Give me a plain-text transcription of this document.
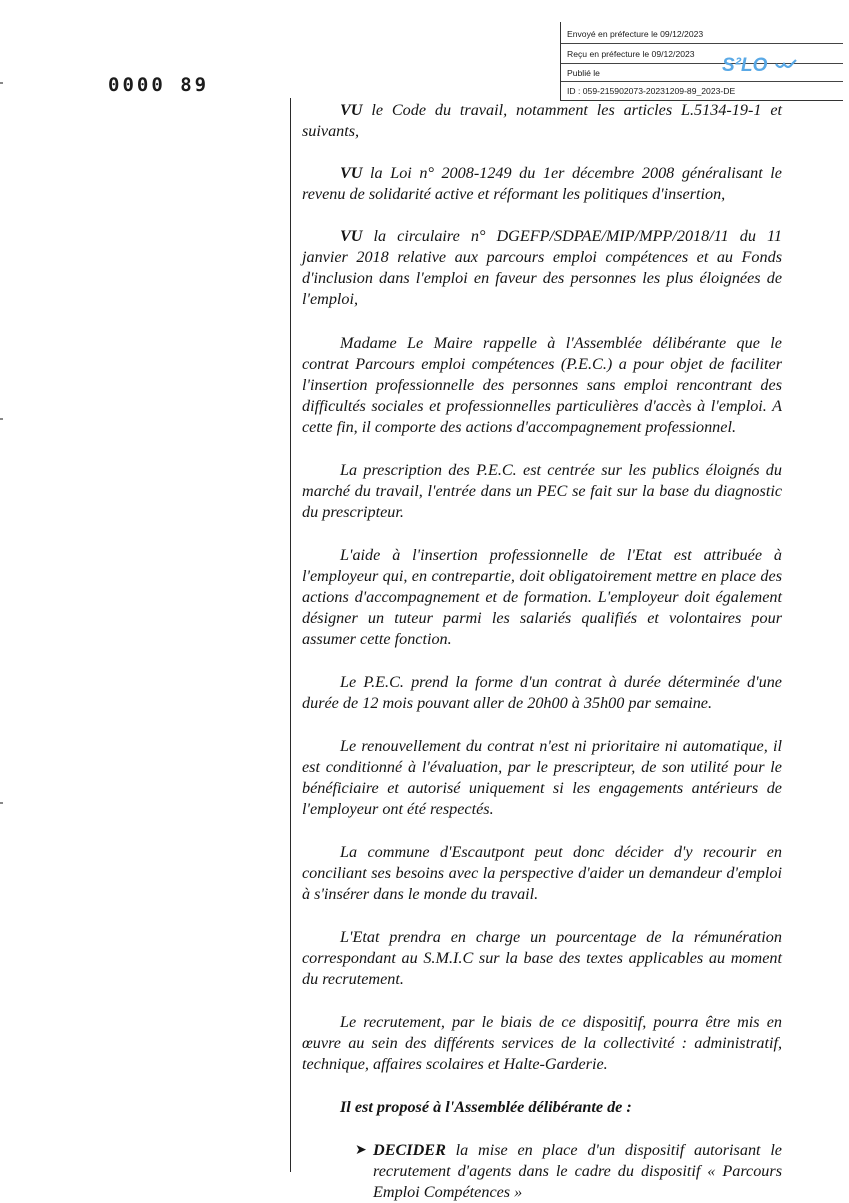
Envoyé en préfecture le 09/12/2023
Reçu en préfecture le 09/12/2023
Publié le
ID : 059-215902073-20231209-89_2023-DE
S²LO
0000 89

VU le Code du travail, notamment les articles L.5134-19-1 et suivants,

VU la Loi n° 2008-1249 du 1er décembre 2008 généralisant le revenu de solidarité active et réformant les politiques d'insertion,

VU la circulaire n° DGEFP/SDPAE/MIP/MPP/2018/11 du 11 janvier 2018 relative aux parcours emploi compétences et au Fonds d'inclusion dans l'emploi en faveur des personnes les plus éloignées de l'emploi,

Madame Le Maire rappelle à l'Assemblée délibérante que le contrat Parcours emploi compétences (P.E.C.) a pour objet de faciliter l'insertion professionnelle des personnes sans emploi rencontrant des difficultés sociales et professionnelles particulières d'accès à l'emploi. A cette fin, il comporte des actions d'accompagnement professionnel.

La prescription des P.E.C. est centrée sur les publics éloignés du marché du travail, l'entrée dans un PEC se fait sur la base du diagnostic du prescripteur.

L'aide à l'insertion professionnelle de l'Etat est attribuée à l'employeur qui, en contrepartie, doit obligatoirement mettre en place des actions d'accompagnement et de formation. L'employeur doit également désigner un tuteur parmi les salariés qualifiés et volontaires pour assumer cette fonction.

Le P.E.C. prend la forme d'un contrat à durée déterminée d'une durée de 12 mois pouvant aller de 20h00 à 35h00 par semaine.

Le renouvellement du contrat n'est ni prioritaire ni automatique, il est conditionné à l'évaluation, par le prescripteur, de son utilité pour le bénéficiaire et autorisé uniquement si les engagements antérieurs de l'employeur ont été respectés.

La commune d'Escautpont peut donc décider d'y recourir en conciliant ses besoins avec la perspective d'aider un demandeur d'emploi à s'insérer dans le monde du travail.

L'Etat prendra en charge un pourcentage de la rémunération correspondant au S.M.I.C sur la base des textes applicables au moment du recrutement.

Le recrutement, par le biais de ce dispositif, pourra être mis en œuvre au sein des différents services de la collectivité : administratif, technique, affaires scolaires et Halte-Garderie.

Il est proposé à l'Assemblée délibérante de :

➤ DECIDER la mise en place d'un dispositif autorisant le recrutement d'agents dans le cadre du dispositif « Parcours Emploi Compétences »
